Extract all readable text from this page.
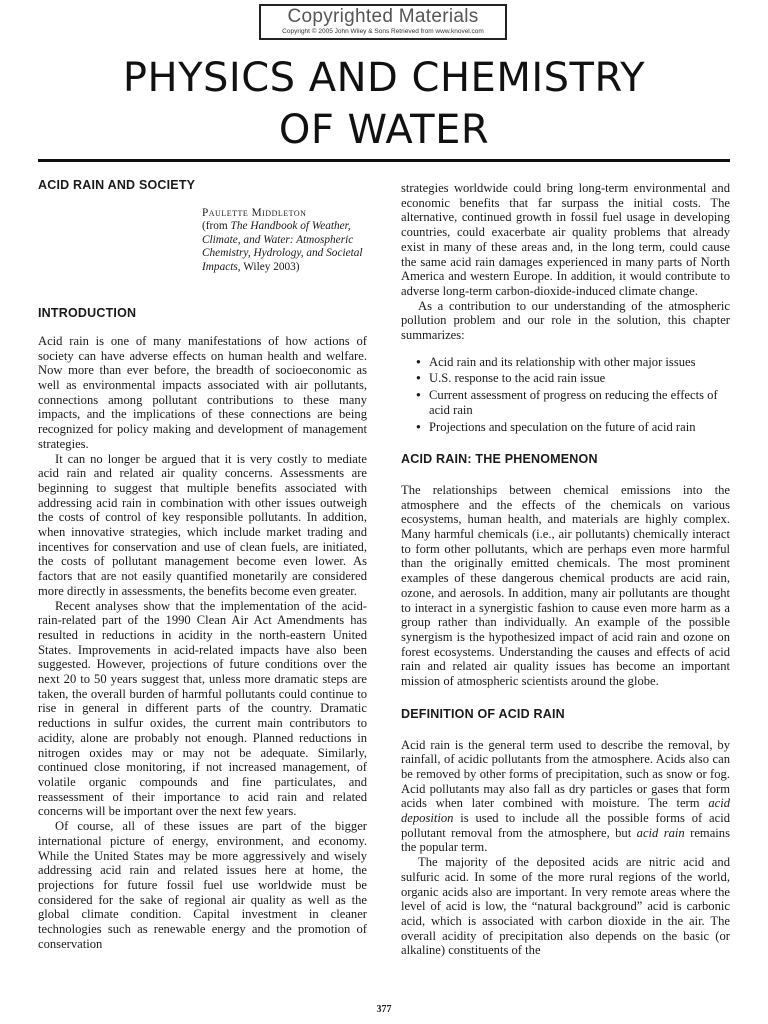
Copyrighted Materials
Copyright © 2005 John Wiley & Sons Retrieved from www.knovel.com
PHYSICS AND CHEMISTRY
OF WATER
ACID RAIN AND SOCIETY
Paulette Middleton
(from The Handbook of Weather, Climate, and Water: Atmospheric Chemistry, Hydrology, and Societal Impacts, Wiley 2003)
INTRODUCTION

Acid rain is one of many manifestations of how actions of society can have adverse effects on human health and welfare. Now more than ever before, the breadth of socioeconomic as well as environmental impacts associated with air pollutants, connections among pollutant contributions to these many impacts, and the implications of these connections are being recognized for policy making and development of management strategies.

It can no longer be argued that it is very costly to mediate acid rain and related air quality concerns. Assessments are beginning to suggest that multiple benefits associated with addressing acid rain in combination with other issues outweigh the costs of control of key responsible pollutants. In addition, when innovative strategies, which include market trading and incentives for conservation and use of clean fuels, are initiated, the costs of pollutant management become even lower. As factors that are not easily quantified monetarily are considered more directly in assessments, the benefits become even greater.

Recent analyses show that the implementation of the acid-rain-related part of the 1990 Clean Air Act Amendments has resulted in reductions in acidity in the north-eastern United States. Improvements in acid-related impacts have also been suggested. However, projections of future conditions over the next 20 to 50 years suggest that, unless more dramatic steps are taken, the overall burden of harmful pollutants could continue to rise in general in different parts of the country. Dramatic reductions in sulfur oxides, the current main contributors to acidity, alone are probably not enough. Planned reductions in nitrogen oxides may or may not be adequate. Similarly, continued close monitoring, if not increased management, of volatile organic compounds and fine particulates, and reassessment of their importance to acid rain and related concerns will be important over the next few years.

Of course, all of these issues are part of the bigger international picture of energy, environment, and economy. While the United States may be more aggressively and wisely addressing acid rain and related issues here at home, the projections for future fossil fuel use worldwide must be considered for the sake of regional air quality as well as the global climate condition. Capital investment in cleaner technologies such as renewable energy and the promotion of conservation

strategies worldwide could bring long-term environmental and economic benefits that far surpass the initial costs. The alternative, continued growth in fossil fuel usage in developing countries, could exacerbate air quality problems that already exist in many of these areas and, in the long term, could cause the same acid rain damages experienced in many parts of North America and western Europe. In addition, it would contribute to adverse long-term carbon-dioxide-induced climate change.

As a contribution to our understanding of the atmospheric pollution problem and our role in the solution, this chapter summarizes:

● Acid rain and its relationship with other major issues
● U.S. response to the acid rain issue
● Current assessment of progress on reducing the effects of acid rain
● Projections and speculation on the future of acid rain
ACID RAIN: THE PHENOMENON

The relationships between chemical emissions into the atmosphere and the effects of the chemicals on various ecosystems, human health, and materials are highly complex. Many harmful chemicals (i.e., air pollutants) chemically interact to form other pollutants, which are perhaps even more harmful than the originally emitted chemicals. The most prominent examples of these dangerous chemical products are acid rain, ozone, and aerosols. In addition, many air pollutants are thought to interact in a synergistic fashion to cause even more harm as a group rather than individually. An example of the possible synergism is the hypothesized impact of acid rain and ozone on forest ecosystems. Understanding the causes and effects of acid rain and related air quality issues has become an important mission of atmospheric scientists around the globe.

DEFINITION OF ACID RAIN

Acid rain is the general term used to describe the removal, by rainfall, of acidic pollutants from the atmosphere. Acids also can be removed by other forms of precipitation, such as snow or fog. Acid pollutants may also fall as dry particles or gases that form acids when later combined with moisture. The term acid deposition is used to include all the possible forms of acid pollutant removal from the atmosphere, but acid rain remains the popular term.

The majority of the deposited acids are nitric acid and sulfuric acid. In some of the more rural regions of the world, organic acids also are important. In very remote areas where the level of acid is low, the “natural background” acid is carbonic acid, which is associated with carbon dioxide in the air. The overall acidity of precipitation also depends on the basic (or alkaline) constituents of the

377
